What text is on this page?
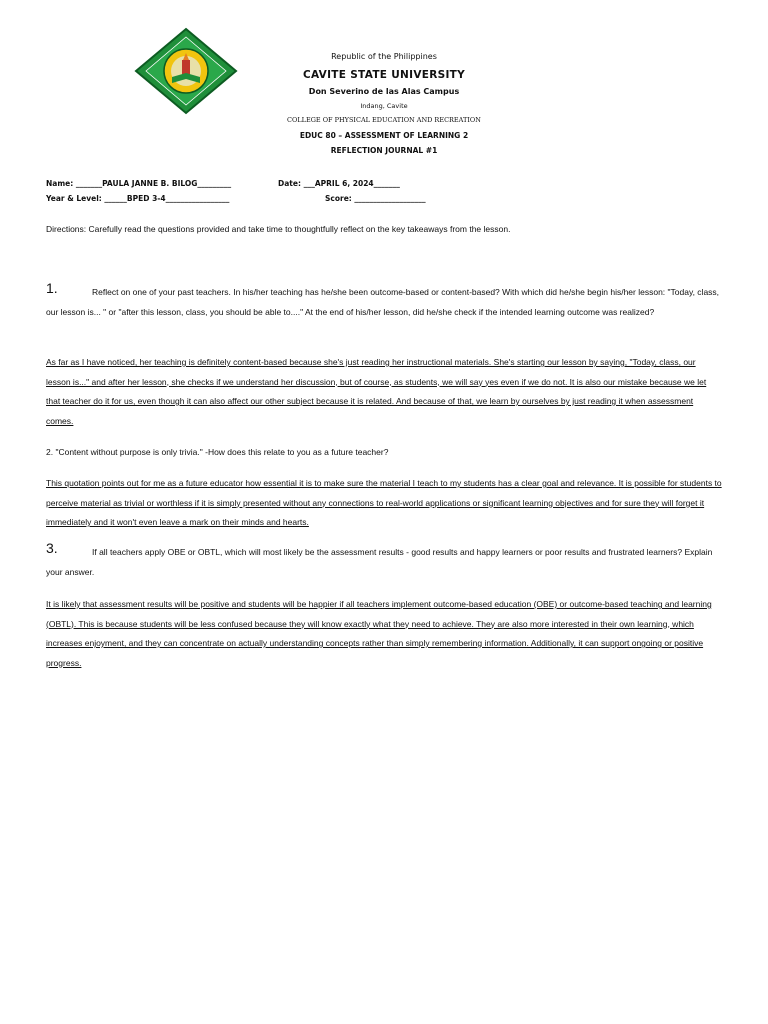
Republic of the Philippines
CAVITE STATE UNIVERSITY
Don Severino de las Alas Campus
Indang, Cavite
COLLEGE OF PHYSICAL EDUCATION AND RECREATION
EDUC 80 – ASSESSMENT OF LEARNING 2
REFLECTION JOURNAL #1
Name: _______PAULA JANNE B. BILOG_________	Date: ___APRIL 6, 2024_______
Year & Level: ______BPED 3-4_________________	Score: ___________________
Directions: Carefully read the questions provided and take time to thoughtfully reflect on the key takeaways from the lesson.
1.	Reflect on one of your past teachers. In his/her teaching has he/she been outcome-based or content-based? With which did he/she begin his/her lesson: "Today, class, our lesson is... " or "after this lesson, class, you should be able to...." At the end of his/her lesson, did he/she check if the intended learning outcome was realized?
As far as I have noticed, her teaching is definitely content-based because she's just reading her instructional materials. She's starting our lesson by saying, "Today, class, our lesson is..." and after her lesson, she checks if we understand her discussion, but of course, as students, we will say yes even if we do not. It is also our mistake because we let that teacher do it for us, even though it can also affect our other subject because it is related. And because of that, we learn by ourselves by just reading it when assessment comes.
2. "Content without purpose is only trivia." -How does this relate to you as a future teacher?
This quotation points out for me as a future educator how essential it is to make sure the material I teach to my students has a clear goal and relevance. It is possible for students to perceive material as trivial or worthless if it is simply presented without any connections to real-world applications or significant learning objectives and for sure they will forget it immediately and it won't even leave a mark on their minds and hearts.
3.	If all teachers apply OBE or OBTL, which will most likely be the assessment results - good results and happy learners or poor results and frustrated learners? Explain your answer.
It is likely that assessment results will be positive and students will be happier if all teachers implement outcome-based education (OBE) or outcome-based teaching and learning (OBTL). This is because students will be less confused because they will know exactly what they need to achieve. They are also more interested in their own learning, which increases enjoyment, and they can concentrate on actually understanding concepts rather than simply remembering information. Additionally, it can support ongoing or positive progress.
